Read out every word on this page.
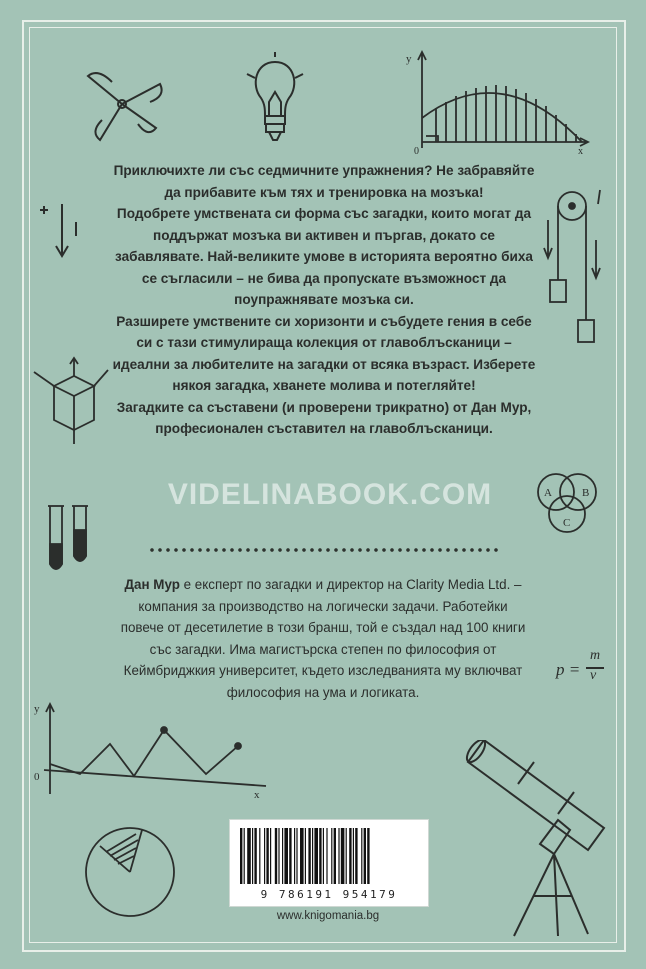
y
0	x
A	B
C
p =
m
v
y
0
x

Приключихте ли със седмичните упражнения? Не забравяйте да прибавите към тях и тренировка на мозъка!

Подобрете умствената си форма със загадки, които могат да поддържат мозъка ви активен и пъргав, докато се забавлявате. Най-великите умове в историята вероятно биха се съгласили – не бива да пропускате възможност да поупражнявате мозъка си.

Разширете умствените си хоризонти и събудете гения в себе си с тази стимулираща колекция от главоблъсканици – идеални за любителите на загадки от всяка възраст. Изберете някоя загадка, хванете молива и потегляйте!

Загадките са съставени (и проверени трикратно) от Дан Мур, професионален съставител на главоблъсканици.

VIDELINABOOK.COM
Дан Мур е експерт по загадки и директор на Clarity Media Ltd. – компания за производство на логически задачи. Работейки повече от десетилетие в този бранш, той е създал над 100 книги със загадки. Има магистърска степен по философия от Кеймбриджкия университет, където изследванията му включват философия на ума и логиката.
9 786191 954179
www.knigomania.bg
